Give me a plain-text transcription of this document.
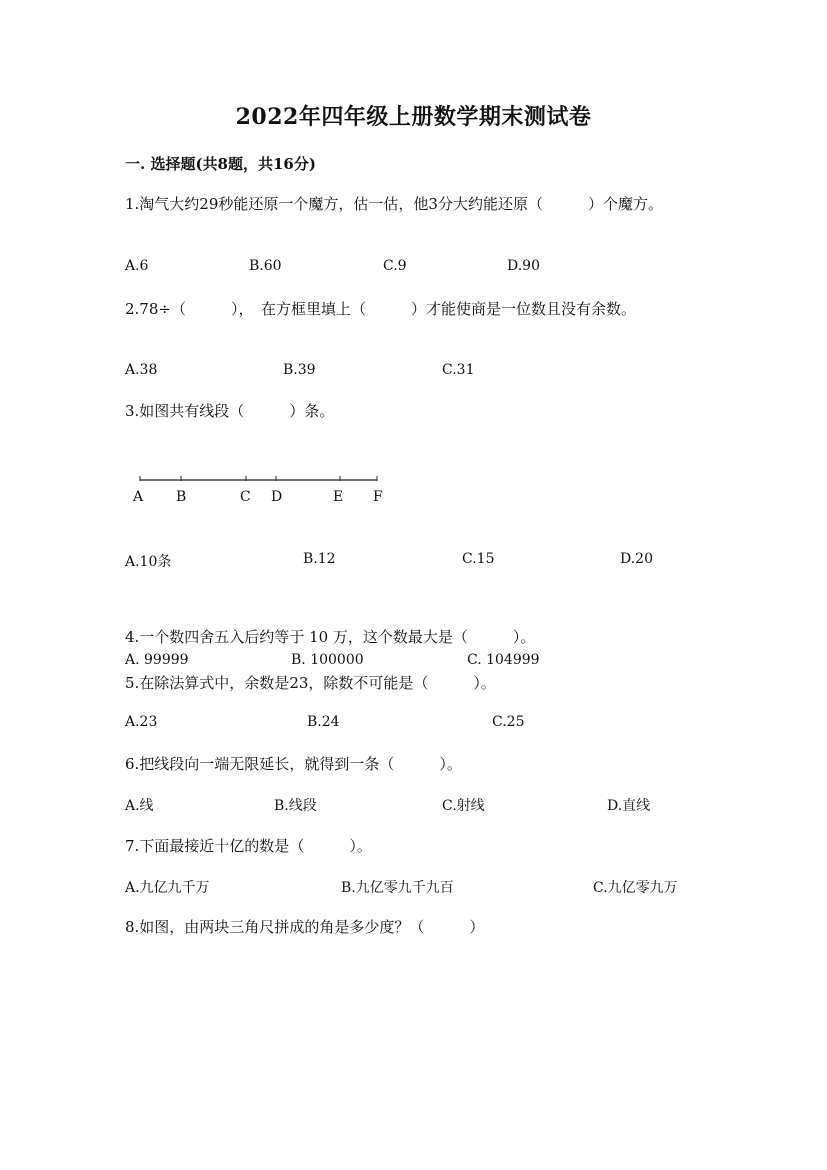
2022年四年级上册数学期末测试卷
一. 选择题(共8题，共16分)
1.淘气大约29秒能还原一个魔方，估一估，他3分大约能还原（　　　）个魔方。
A.6	B.60	C.9	D.90
2.78÷（　　　），　在方框里填上（　　　）才能使商是一位数且没有余数。
A.38	B.39	C.31
3.如图共有线段（　　　）条。
A B	C D	E F
A.10条	B.12	C.15	D.20
4.一个数四舍五入后约等于 10 万，这个数最大是（　　　）。
A. 99999	B. 100000	C. 104999
5.在除法算式中，余数是23，除数不可能是（　　　）。
A.23	B.24	C.25
6.把线段向一端无限延长，就得到一条（　　　）。
A.线	B.线段	C.射线	D.直线
7.下面最接近十亿的数是（　　　）。
A.九亿九千万	B.九亿零九千九百	C.九亿零九万
8.如图，由两块三角尺拼成的角是多少度？（　　　）
